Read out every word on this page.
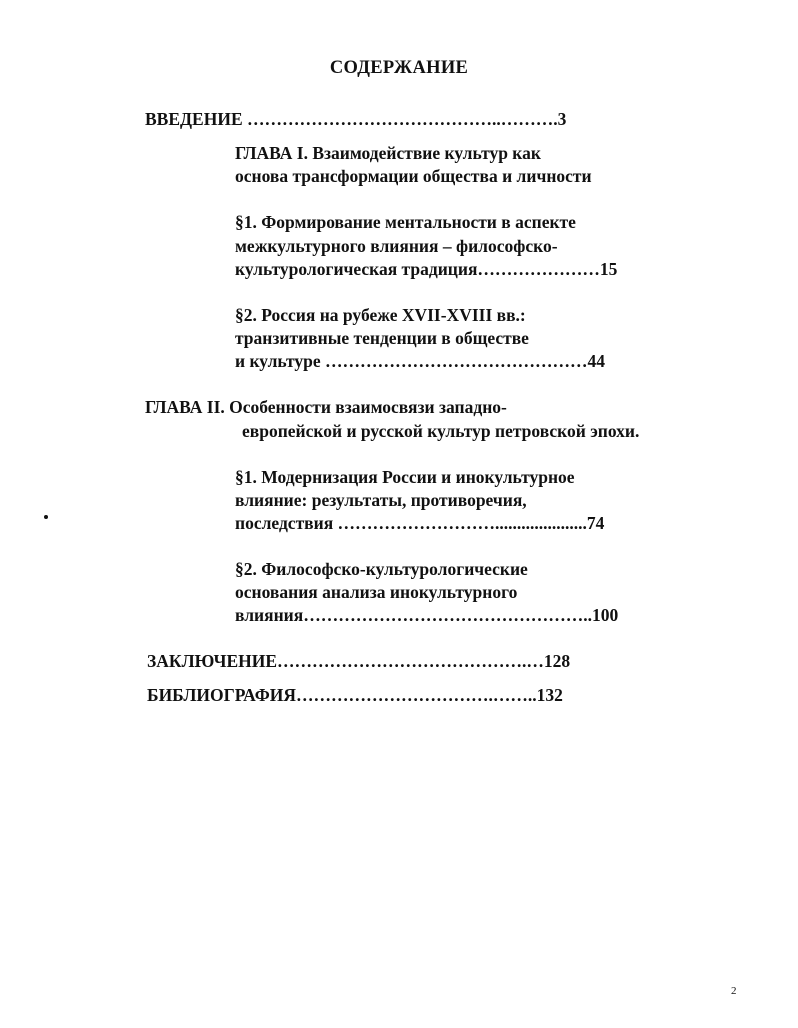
СОДЕРЖАНИЕ
ВВЕДЕНИЕ ……………………………………..……….3
ГЛАВА I. Взаимодействие культур как
основа трансформации общества и личности
§1. Формирование ментальности в аспекте
межкультурного влияния – философско-
культурологическая традиция…………………15
§2. Россия на рубеже XVII-XVIII вв.:
транзитивные тенденции в обществе
и культуре ………………………………………44
ГЛАВА II. Особенности взаимосвязи западно-
европейской и русской культур петровской эпохи.
§1. Модернизация России и инокультурное
влияние: результаты, противоречия,
последствия ……………………….....................74
§2. Философско-культурологические
основания анализа инокультурного
влияния…………………………………………..100
ЗАКЛЮЧЕНИЕ…………………………………….…128
БИБЛИОГРАФИЯ…………………………….……..132
2
